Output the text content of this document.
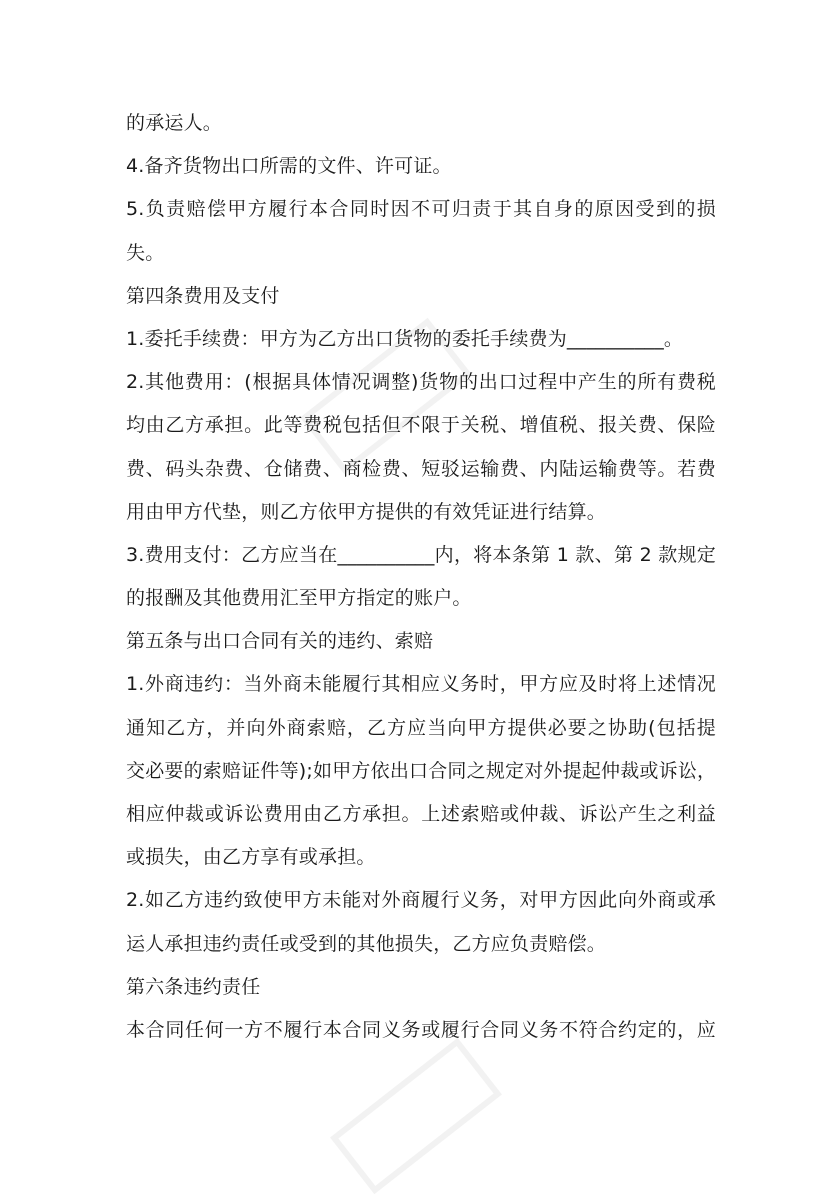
的承运人。
4.备齐货物出口所需的文件、许可证。
5.负责赔偿甲方履行本合同时因不可归责于其自身的原因受到的损
失。
第四条费用及支付
1.委托手续费：甲方为乙方出口货物的委托手续费为__________。
2.其他费用：(根据具体情况调整)货物的出口过程中产生的所有费税
均由乙方承担。此等费税包括但不限于关税、增值税、报关费、保险
费、码头杂费、仓储费、商检费、短驳运输费、内陆运输费等。若费
用由甲方代垫，则乙方依甲方提供的有效凭证进行结算。
3.费用支付：乙方应当在__________内，将本条第 1 款、第 2 款规定
的报酬及其他费用汇至甲方指定的账户。
第五条与出口合同有关的违约、索赔
1.外商违约：当外商未能履行其相应义务时，甲方应及时将上述情况
通知乙方，并向外商索赔，乙方应当向甲方提供必要之协助(包括提
交必要的索赔证件等);如甲方依出口合同之规定对外提起仲裁或诉讼，
相应仲裁或诉讼费用由乙方承担。上述索赔或仲裁、诉讼产生之利益
或损失，由乙方享有或承担。
2.如乙方违约致使甲方未能对外商履行义务，对甲方因此向外商或承
运人承担违约责任或受到的其他损失，乙方应负责赔偿。
第六条违约责任
本合同任何一方不履行本合同义务或履行合同义务不符合约定的，应
